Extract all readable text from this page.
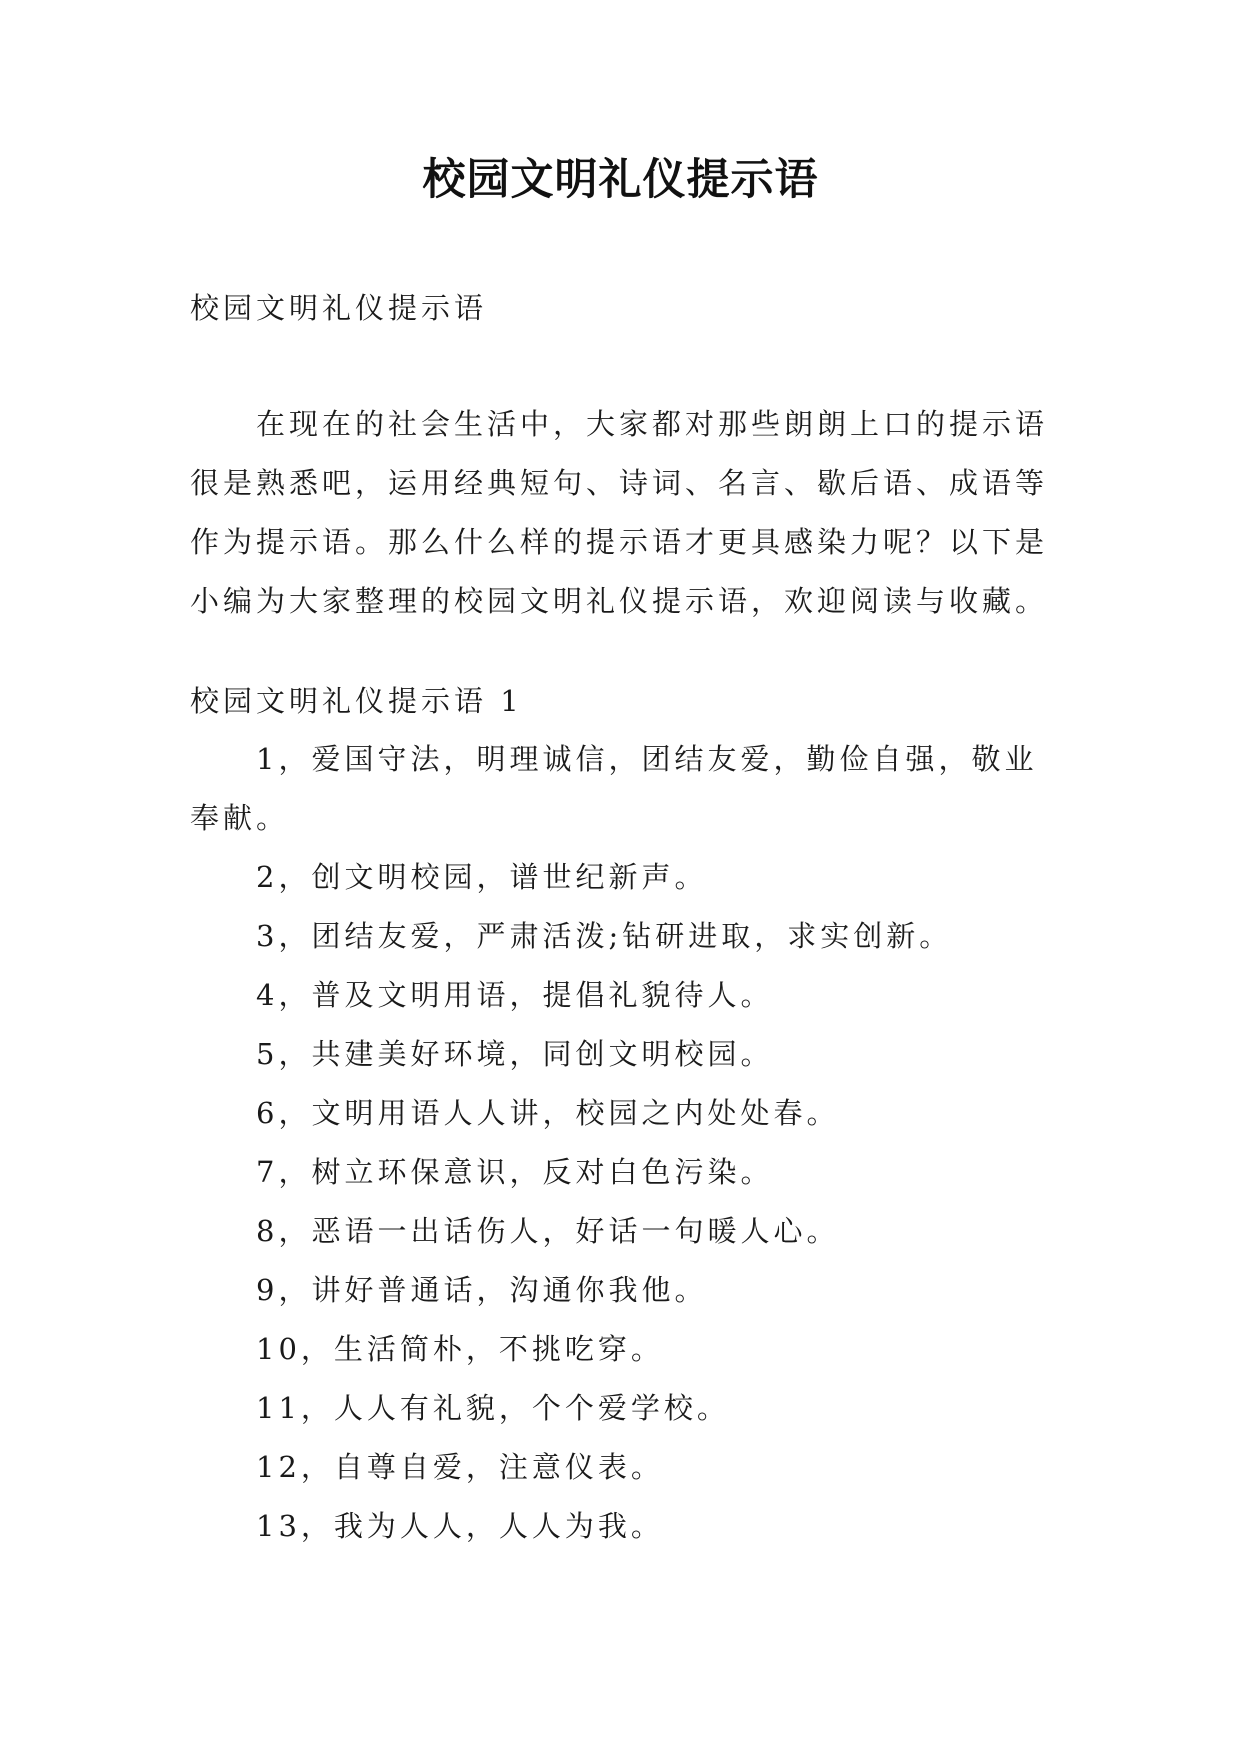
校园文明礼仪提示语

校园文明礼仪提示语

在现在的社会生活中，大家都对那些朗朗上口的提示语很是熟悉吧，运用经典短句、诗词、名言、歇后语、成语等作为提示语。那么什么样的提示语才更具感染力呢？以下是小编为大家整理的校园文明礼仪提示语，欢迎阅读与收藏。

校园文明礼仪提示语 1

1，爱国守法，明理诚信，团结友爱，勤俭自强，敬业奉献。
2，创文明校园，谱世纪新声。
3，团结友爱，严肃活泼;钻研进取，求实创新。
4，普及文明用语，提倡礼貌待人。
5，共建美好环境，同创文明校园。
6，文明用语人人讲，校园之内处处春。
7，树立环保意识，反对白色污染。
8，恶语一出话伤人，好话一句暖人心。
9，讲好普通话，沟通你我他。
10，生活简朴，不挑吃穿。
11，人人有礼貌，个个爱学校。
12，自尊自爱，注意仪表。
13，我为人人，人人为我。
